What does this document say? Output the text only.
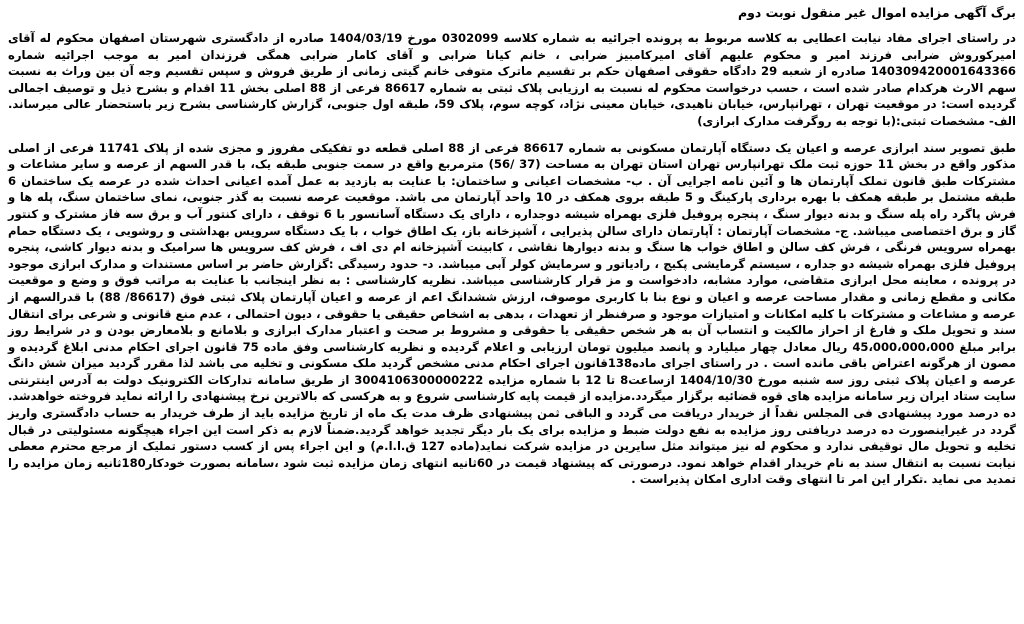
برگ آگهی مزایده اموال غیر منقول نوبت دوم

در راستای اجرای مفاد نیابت اعطایی به کلاسه مربوط به پرونده اجرائیه به شماره کلاسه 0302099 مورخ 1404/03/19 صادره از دادگستری شهرستان اصفهان محکوم له آقای امیرکوروش ضرابی فرزند امیر و محکوم علیهم آقای امیرکامبیز ضرابی ، خانم کیانا ضرابی و آقای کامار ضرابی همگی فرزندان امیر به موجب اجرائیه شماره 140309420001643366 صادره از شعبه 29 دادگاه حقوقی اصفهان حکم بر تقسیم ماترک متوفی خانم گیتی زمانی از طریق فروش و سپس تقسیم وجه آن بین وراث به نسبت سهم الارث هرکدام صادر شده است ، حسب درخواست محکوم له نسبت به ارزیابی پلاک ثبتی به شماره 86617 فرعی از 88 اصلی بخش 11 اقدام و بشرح ذیل و توصیف اجمالی گردیده است: در موقعیت تهران ، تهرانپارس، خیابان ناهیدی، خیابان معینی نژاد، کوچه سوم، پلاک 59، طبقه اول جنوبی، گزارش کارشناسی بشرح زیر باستحضار عالی میرساند. الف- مشخصات ثبتی:(با توجه به روگرفت مدارک ابرازی)

طبق تصویر سند ابرازی عرصه و اعیان یک دستگاه آپارتمان مسکونی به شماره 86617 فرعی از 88 اصلی قطعه دو تفکیکی مفروز و مجزی شده از پلاک 11741 فرعی از اصلی مذکور واقع در بخش 11 حوزه ثبت ملک تهرانپارس تهران استان تهران به مساحت (37 /56) مترمربع واقع در سمت جنوبی طبقه یک، با قدر السهم از عرصه و سایر مشاعات و مشترکات طبق قانون تملک آپارتمان ها و آئین نامه اجرایی آن . ب- مشخصات اعیانی و ساختمان: با عنایت به بازدید به عمل آمده اعیانی احداث شده در عرصه یک ساختمان 6 طبقه مشتمل بر طبقه همکف با بهره برداری پارکینگ و 5 طبقه بروی همکف در 10 واحد آپارتمان می باشد. موقعیت عرصه نسبت به گذر جنوبی، نمای ساختمان سنگ، پله ها و فرش پاگرد راه پله سنگ و بدنه دیوار سنگ ، پنجره پروفیل فلزی بهمراه شیشه دوجداره ، دارای یک دستگاه آسانسور با 6 توقف ، دارای کنتور آب و برق سه فاز مشترک و کنتور گاز و برق اختصاصی میباشد. ج- مشخصات آپارتمان : آپارتمان دارای سالن پذیرایی ، آشپزخانه باز، یک اطاق خواب ، با یک دستگاه سرویس بهداشتی و روشویی ، یک دستگاه حمام بهمراه سرویس فرنگی ، فرش کف سالن و اطاق خواب ها سنگ و بدنه دیوارها نقاشی ، کابینت آشپزخانه ام دی اف ، فرش کف سرویس ها سرامیک و بدنه دیوار کاشی، پنجره پروفیل فلزی بهمراه شیشه دو جداره ، سیستم گرمایشی پکیج ، رادیاتور و سرمایش کولر آبی میباشد. د- حدود رسیدگی :گزارش حاضر بر اساس مستندات و مدارک ابرازی موجود در پرونده ، معاینه محل ابرازی متقاضی، موارد مشابه، دادخواست و مز قرار کارشناسی میباشد. نظریه کارشناسی : به نظر اینجانب با عنایت به مراتب فوق و وضع و موقعیت مکانی و مقطع زمانی و مقدار مساحت عرصه و اعیان و نوع بنا با کاربری موصوف، ارزش ششدانگ اعم از عرصه و اعیان آپارتمان پلاک ثبتی فوق (86617/ 88) با قدرالسهم از عرصه و مشاعات و مشترکات با کلیه امکانات و امتیازات موجود و صرفنظر از تعهدات ، بدهی به اشخاص حقیقی یا حقوقی ، دیون احتمالی ، عدم منع قانونی و شرعی برای انتقال سند و تحویل ملک و فارغ از احراز مالکیت و انتساب آن به هر شخص حقیقی یا حقوقی و مشروط بر صحت و اعتبار مدارک ابرازی و بلامانع و بلامعارض بودن و در شرایط روز برابر مبلغ 45،000،000،000 ریال معادل چهار میلیارد و پانصد میلیون تومان ارزیابی و اعلام گردیده و نظریه کارشناسی وفق ماده 75 قانون اجرای احکام مدنی ابلاغ گردیده و مصون از هرگونه اعتراض باقی مانده است . در راستای اجرای ماده138قانون اجرای احکام مدنی مشخص گردید ملک مسکونی و تخلیه می باشد لذا مقرر گردید میزان شش دانگ عرصه و اعیان پلاک ثبتی روز سه شنبه مورخ 1404/10/30 ازساعت8 تا 12 با شماره مزایده 3004106300000222 از طریق سامانه تدارکات الکترونیک دولت به آدرس اینترنتی سایت ستاد ایران زیر سامانه مزایده های قوه قضائیه برگزار میگردد.مزایده از قیمت پایه کارشناسی شروع و به هرکسی که بالاترین نرخ پیشنهادی را ارائه نماید فروخته خواهدشد. ده درصد مورد پیشنهادی فی المجلس نقداً از خریدار دریافت می گردد و الباقی ثمن پیشنهادی ظرف مدت یک ماه از تاریخ مزایده باید از طرف خریدار به حساب دادگستری واریز گردد در غیراینصورت ده درصد دریافتی روز مزایده به نفع دولت ضبط و مزایده برای یک بار دیگر تجدید خواهد گردید.ضمناً لازم به ذکر است این اجراء هیچگونه مسئولیتی در قبال تخلیه و تحویل مال توقیفی ندارد و محکوم له نیز میتواند مثل سایرین در مزایده شرکت نماید(ماده 127 ق.ا.ا.م) و این اجراء پس از کسب دستور تملیک از مرجع محترم معطی نیابت نسبت به انتقال سند به نام خریدار اقدام خواهد نمود. درصورتی که پیشنهاد قیمت در 60ثانیه انتهای زمان مزایده ثبت شود ،سامانه بصورت خودکار180ثانیه زمان مزایده را تمدید می نماید .تکرار این امر تا انتهای وقت اداری امکان پذیراست .
